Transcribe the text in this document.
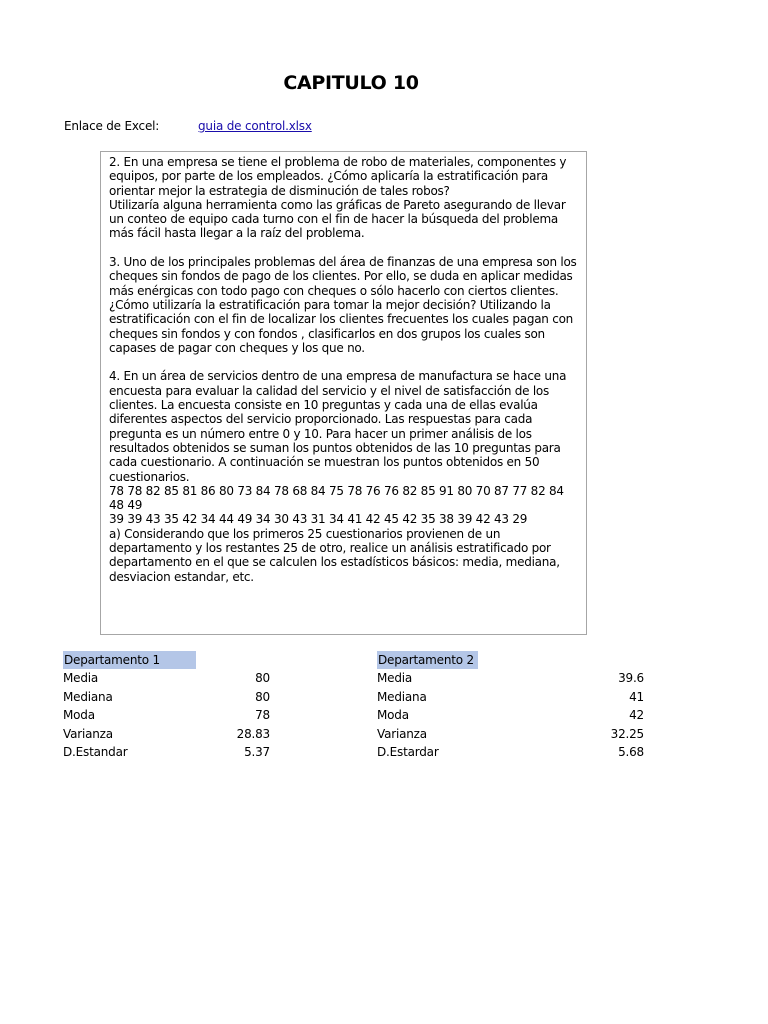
CAPITULO 10
Enlace de Excel:	guia de control.xlsx

2. En una empresa se tiene el problema de robo de materiales, componentes y equipos, por parte de los empleados. ¿Cómo aplicaría la estratificación para orientar mejor la estrategia de disminución de tales robos?
Utilizaría alguna herramienta como las gráficas de Pareto asegurando de llevar un conteo de equipo cada turno con el fin de hacer la búsqueda del problema más fácil hasta llegar a la raíz del problema.

3. Uno de los principales problemas del área de finanzas de una empresa son los cheques sin fondos de pago de los clientes. Por ello, se duda en aplicar medidas más enérgicas con todo pago con cheques o sólo hacerlo con ciertos clientes. ¿Cómo utilizaría la estratificación para tomar la mejor decisión? Utilizando la estratificación con el fin de localizar los clientes frecuentes los cuales pagan con cheques sin fondos y con fondos , clasificarlos en dos grupos los cuales son capases de pagar con cheques y los que no.

4. En un área de servicios dentro de una empresa de manufactura se hace una encuesta para evaluar la calidad del servicio y el nivel de satisfacción de los clientes. La encuesta consiste en 10 preguntas y cada una de ellas evalúa diferentes aspectos del servicio proporcionado. Las respuestas para cada pregunta es un número entre 0 y 10. Para hacer un primer análisis de los resultados obtenidos se suman los puntos obtenidos de las 10 preguntas para cada cuestionario. A continuación se muestran los puntos obtenidos en 50 cuestionarios.
78 78 82 85 81 86 80 73 84 78 68 84 75 78 76 76 82 85 91 80 70 87 77 82 84 48 49
39 39 43 35 42 34 44 49 34 30 43 31 34 41 42 45 42 35 38 39 42 43 29
a) Considerando que los primeros 25 cuestionarios provienen de un departamento y los restantes 25 de otro, realice un análisis estratificado por departamento en el que se calculen los estadísticos básicos: media, mediana, desviacion estandar, etc.

Departamento 1
Media	80
Mediana	80
Moda	78
Varianza	28.83
D.Estandar	5.37
Departamento 2
Media	39.6
Mediana	41
Moda	42
Varianza	32.25
D.Estardar	5.68
